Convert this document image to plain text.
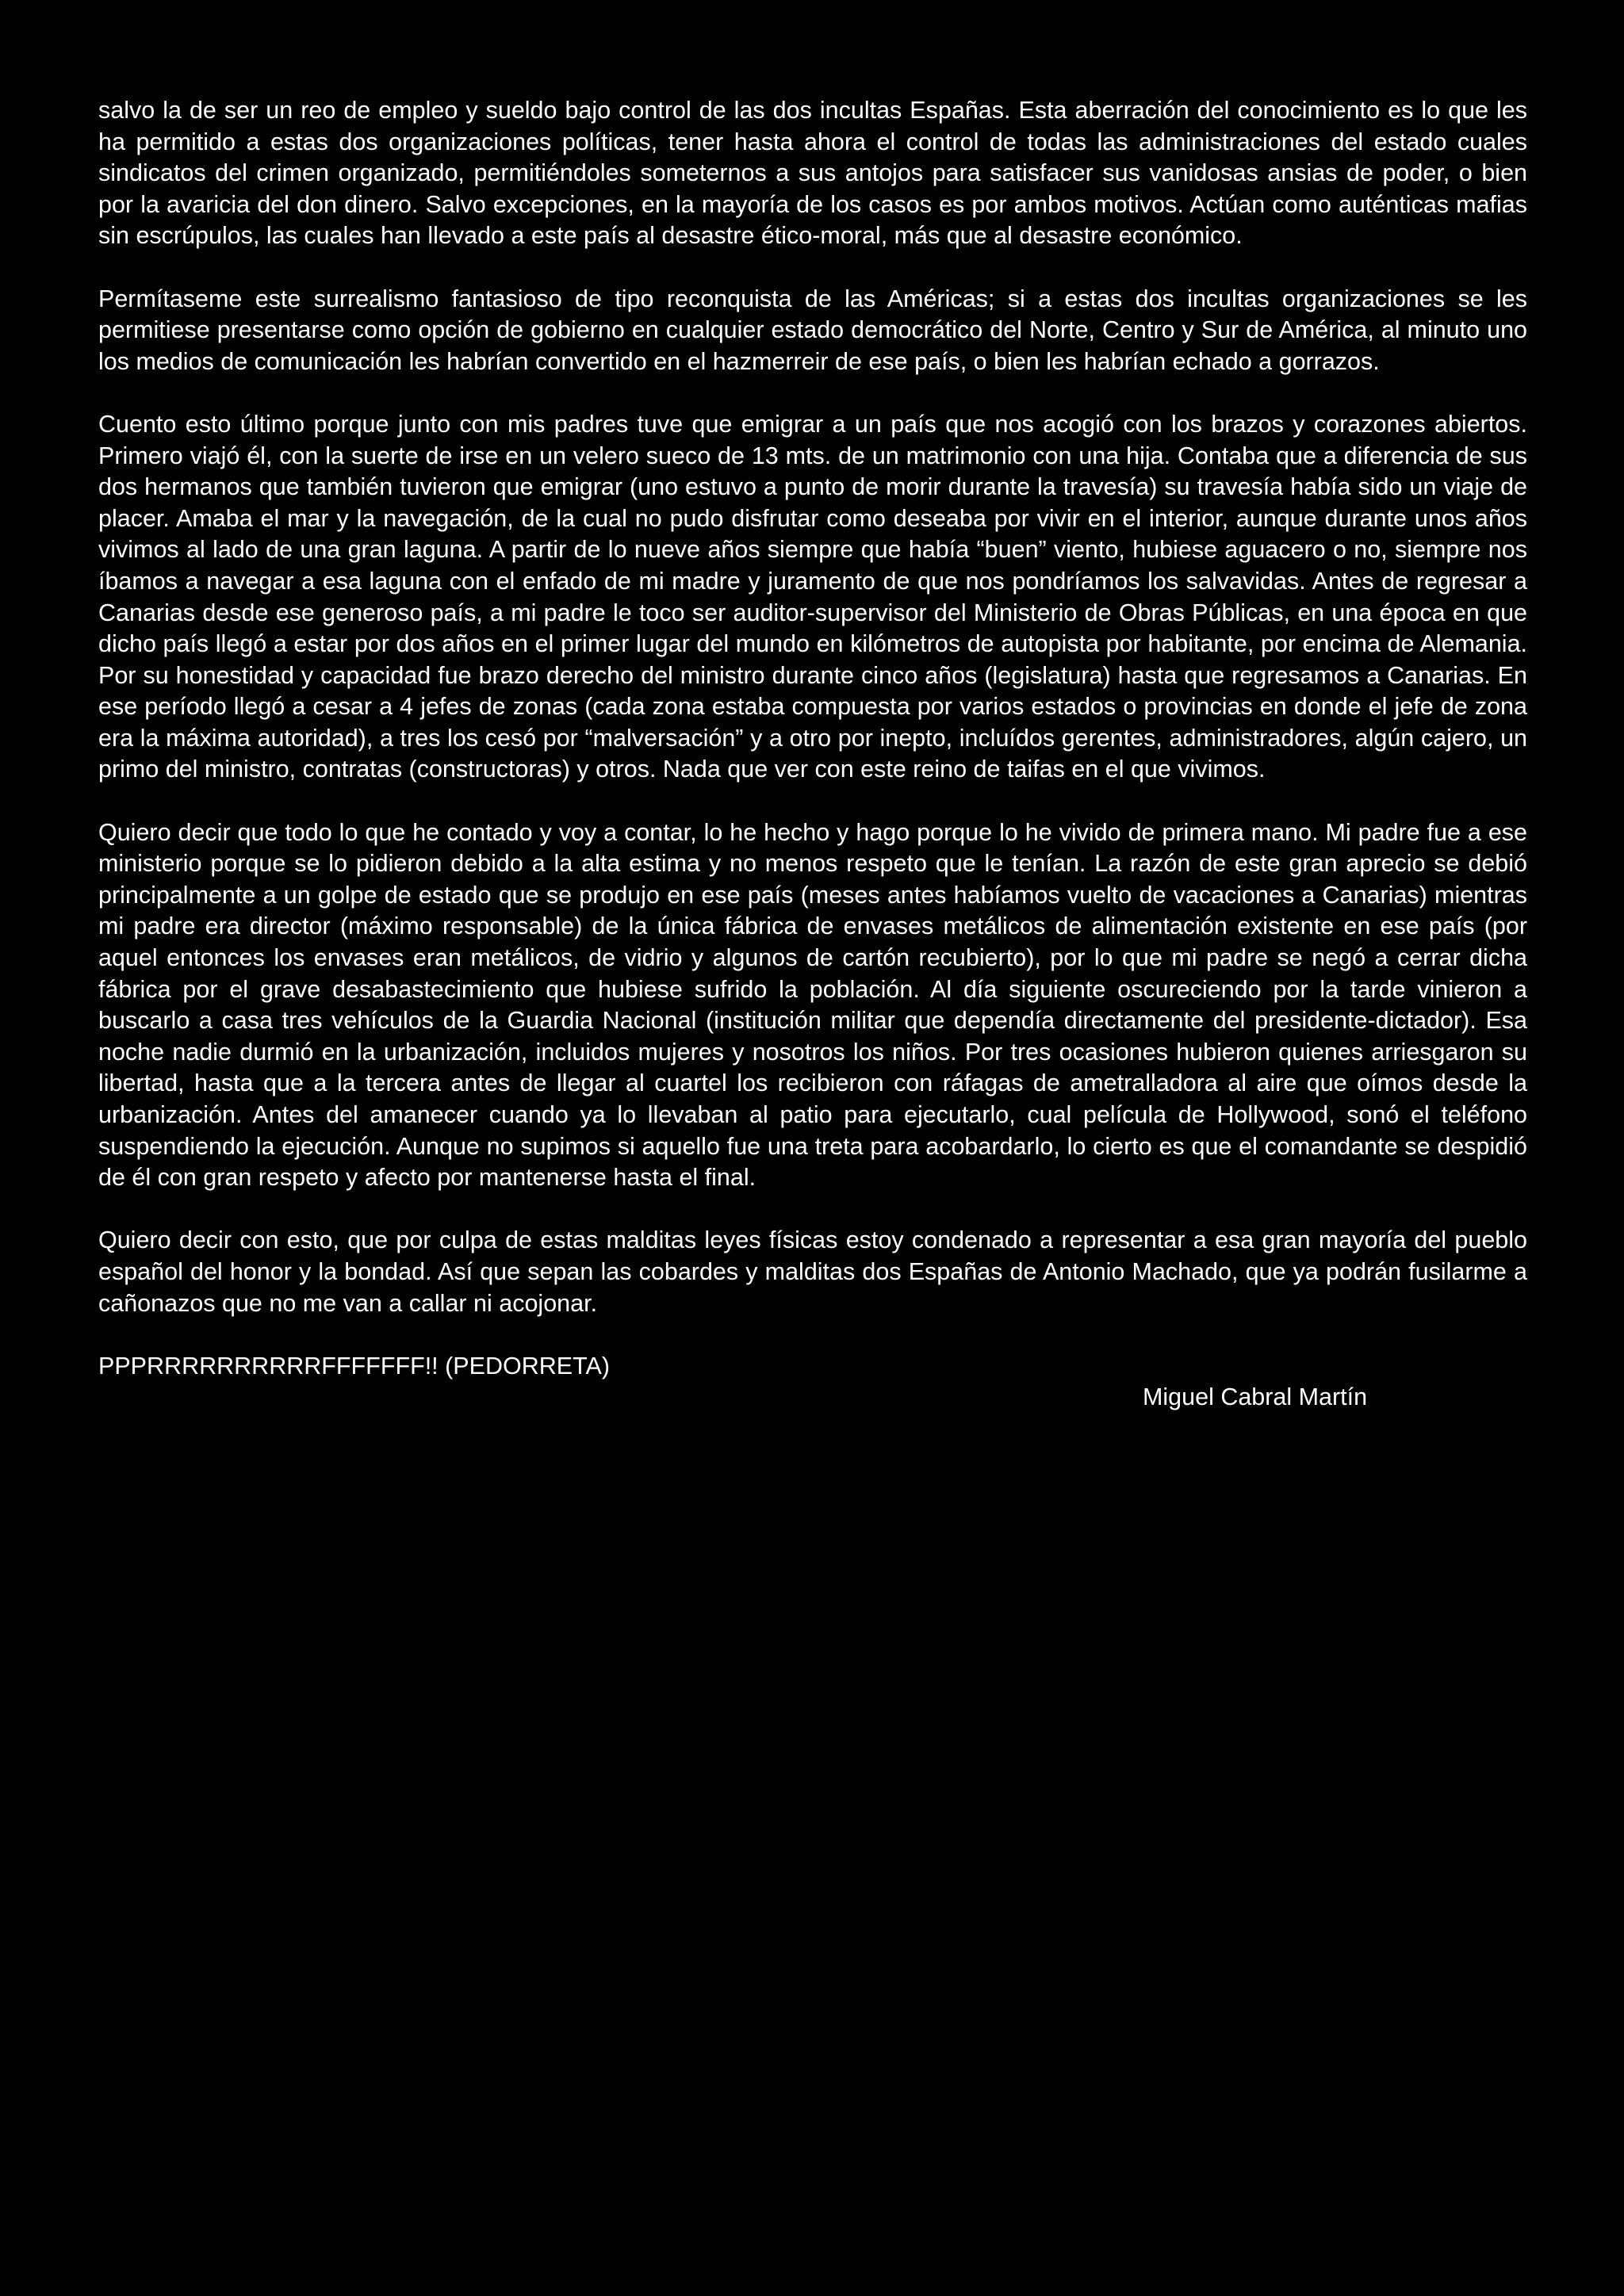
salvo la de ser un reo de empleo y sueldo bajo control de las dos incultas Españas. Esta aberración del conocimiento es lo que les ha permitido a estas dos organizaciones políticas, tener hasta ahora el control de todas las administraciones del estado cuales sindicatos del crimen organizado, permitiéndoles someternos a sus antojos para satisfacer sus vanidosas ansias de poder, o bien por la avaricia del don dinero. Salvo excepciones, en la mayoría de los casos es por ambos motivos. Actúan como auténticas mafias sin escrúpulos, las cuales han llevado a este país al desastre ético-moral, más que al desastre económico.

Permítaseme este surrealismo fantasioso de tipo reconquista de las Américas; si a estas dos incultas organizaciones se les permitiese presentarse como opción de gobierno en cualquier estado democrático del Norte, Centro y Sur de América, al minuto uno los medios de comunicación les habrían convertido en el hazmerreir de ese país, o bien les habrían echado a gorrazos.

Cuento esto último porque junto con mis padres tuve que emigrar a un país que nos acogió con los brazos y corazones abiertos. Primero viajó él, con la suerte de irse en un velero sueco de 13 mts. de un matrimonio con una hija. Contaba que a diferencia de sus dos hermanos que también tuvieron que emigrar (uno estuvo a punto de morir durante la travesía) su travesía había sido un viaje de placer. Amaba el mar y la navegación, de la cual no pudo disfrutar como deseaba por vivir en el interior, aunque durante unos años vivimos al lado de una gran laguna. A partir de lo nueve años siempre que había “buen” viento, hubiese aguacero o no, siempre nos íbamos a navegar a esa laguna con el enfado de mi madre y juramento de que nos pondríamos los salvavidas. Antes de regresar a Canarias desde ese generoso país, a mi padre le toco ser auditor-supervisor del Ministerio de Obras Públicas, en una época en que dicho país llegó a estar por dos años en el primer lugar del mundo en kilómetros de autopista por habitante, por encima de Alemania. Por su honestidad y capacidad fue brazo derecho del ministro durante cinco años (legislatura) hasta que regresamos a Canarias. En ese período llegó a cesar a 4 jefes de zonas (cada zona estaba compuesta por varios estados o provincias en donde el jefe de zona era la máxima autoridad), a tres los cesó por “malversación” y a otro por inepto, incluídos gerentes, administradores, algún cajero, un primo del ministro, contratas (constructoras) y otros. Nada que ver con este reino de taifas en el que vivimos.

Quiero decir que todo lo que he contado y voy a contar, lo he hecho y hago porque lo he vivido de primera mano. Mi padre fue a ese ministerio porque se lo pidieron debido a la alta estima y no menos respeto que le tenían. La razón de este gran aprecio se debió principalmente a un golpe de estado que se produjo en ese país (meses antes habíamos vuelto de vacaciones a Canarias) mientras mi padre era director (máximo responsable) de la única fábrica de envases metálicos de alimentación existente en ese país (por aquel entonces los envases eran metálicos, de vidrio y algunos de cartón recubierto), por lo que mi padre se negó a cerrar dicha fábrica por el grave desabastecimiento que hubiese sufrido la población. Al día siguiente oscureciendo por la tarde vinieron a buscarlo a casa tres vehículos de la Guardia Nacional (institución militar que dependía directamente del presidente-dictador). Esa noche nadie durmió en la urbanización, incluidos mujeres y nosotros los niños. Por tres ocasiones hubieron quienes arriesgaron su libertad, hasta que a la tercera antes de llegar al cuartel los recibieron con ráfagas de ametralladora al aire que oímos desde la urbanización. Antes del amanecer cuando ya lo llevaban al patio para ejecutarlo, cual película de Hollywood, sonó el teléfono suspendiendo la ejecución. Aunque no supimos si aquello fue una treta para acobardarlo, lo cierto es que el comandante se despidió de él con gran respeto y afecto por mantenerse hasta el final.

Quiero decir con esto, que por culpa de estas malditas leyes físicas estoy condenado a representar a esa gran mayoría del pueblo español del honor y la bondad. Así que sepan las cobardes y malditas dos Españas de Antonio Machado, que ya podrán fusilarme a cañonazos que no me van a callar ni acojonar.

PPPRRRRRRRRRRFFFFFFF!! (PEDORRETA)

Miguel Cabral Martín
